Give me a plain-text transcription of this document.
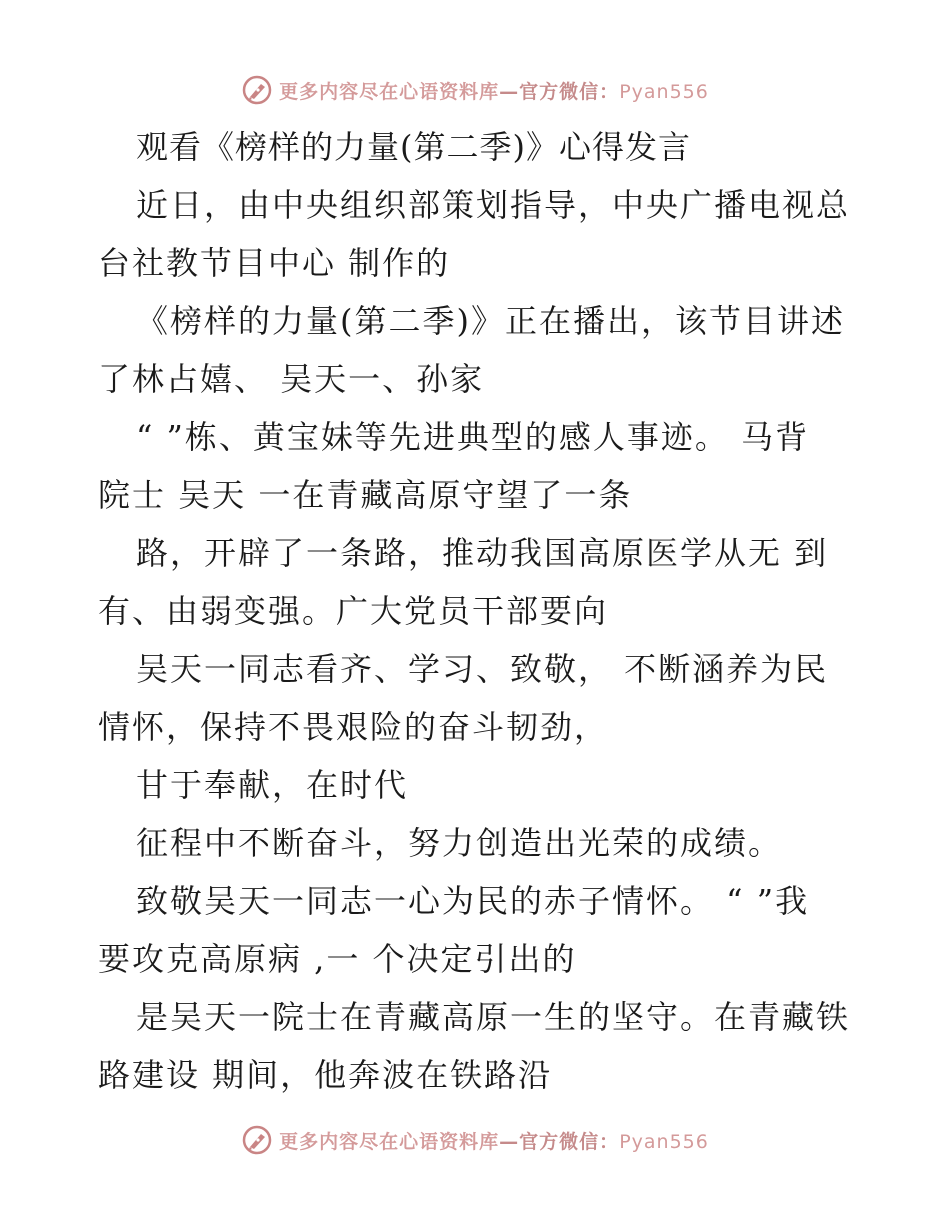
更多内容尽在心语资料库—官方微信：Pyan556
观看《榜样的力量(第二季)》心得发言
近日，由中央组织部策划指导，中央广播电视总
台社教节目中心 制作的
《榜样的力量(第二季)》正在播出，该节目讲述
了林占嬉、 吴天一、孙家
“ ”栋、黄宝妹等先进典型的感人事迹。 马背
院士 吴天 一在青藏高原守望了一条
路，开辟了一条路，推动我国高原医学从无 到
有、由弱变强。广大党员干部要向
吴天一同志看齐、学习、致敬， 不断涵养为民
情怀，保持不畏艰险的奋斗韧劲，
甘于奉献，在时代
征程中不断奋斗，努力创造出光荣的成绩。
致敬吴天一同志一心为民的赤子情怀。 “ ”我
要攻克高原病 ,一 个决定引出的
是吴天一院士在青藏高原一生的坚守。在青藏铁
路建设 期间，他奔波在铁路沿
更多内容尽在心语资料库—官方微信：Pyan556
